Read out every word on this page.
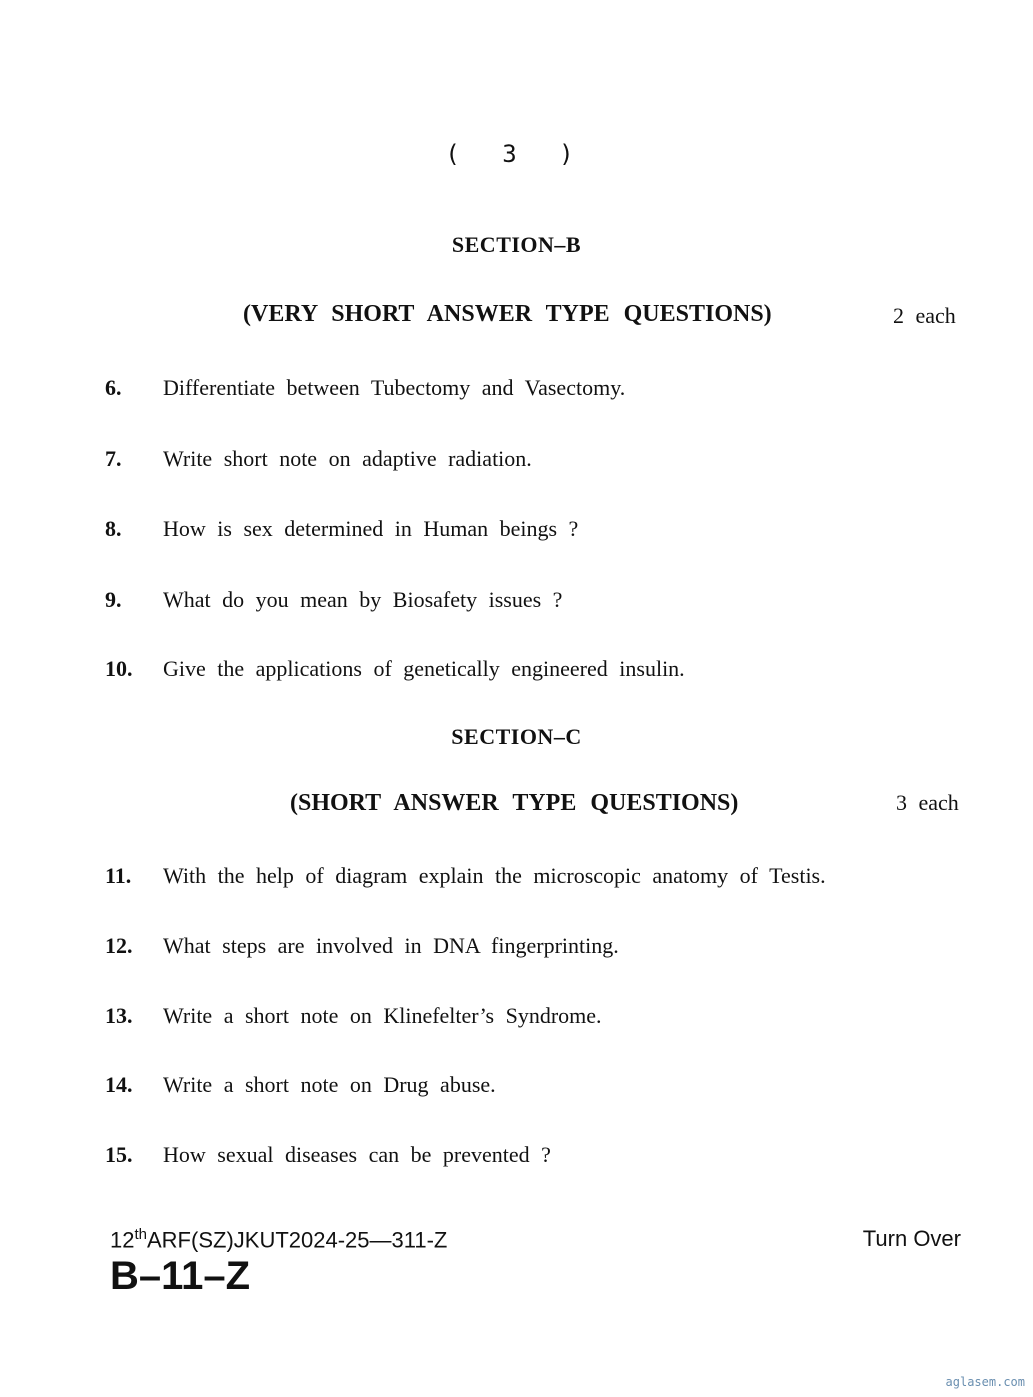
( 3 )
SECTION–B
(VERY SHORT ANSWER TYPE QUESTIONS)	2 each
6. Differentiate between Tubectomy and Vasectomy.
7. Write short note on adaptive radiation.
8. How is sex determined in Human beings ?
9. What do you mean by Biosafety issues ?
10. Give the applications of genetically engineered insulin.
SECTION–C
(SHORT ANSWER TYPE QUESTIONS)	3 each
11. With the help of diagram explain the microscopic anatomy of Testis.
12. What steps are involved in DNA fingerprinting.
13. Write a short note on Klinefelter’s Syndrome.
14. Write a short note on Drug abuse.
15. How sexual diseases can be prevented ?
12thARF(SZ)JKUT2024-25—311-Z	Turn Over
B–11–Z
aglasem.com
